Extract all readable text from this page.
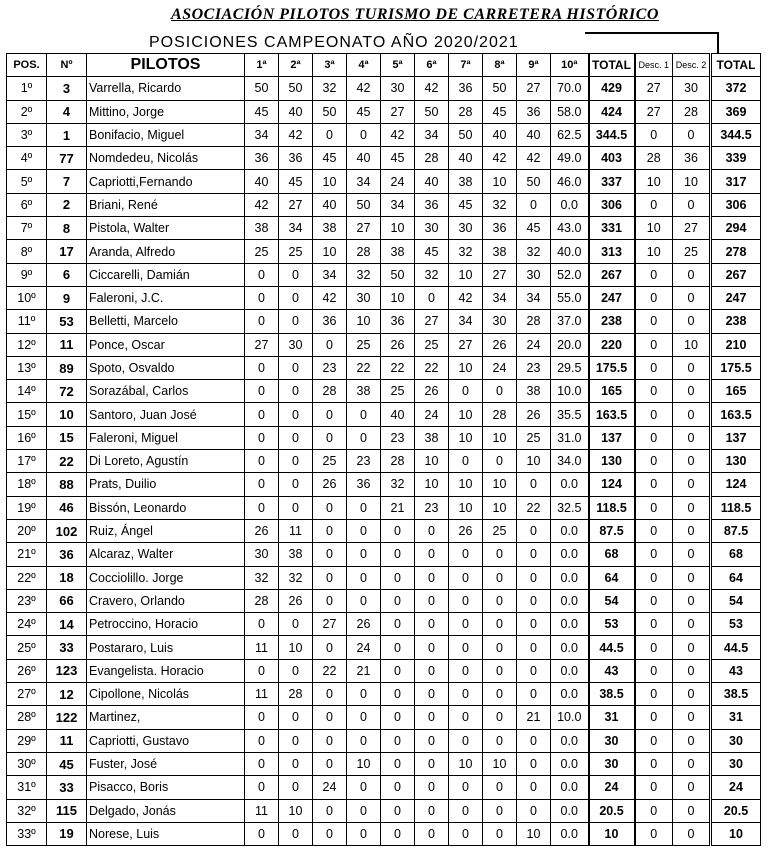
ASOCIACIÓN PILOTOS TURISMO DE CARRETERA HISTÓRICO
POSICIONES CAMPEONATO AÑO 2020/2021
POS.	Nº	PILOTOS	1ª	2ª	3ª	4ª	5ª	6ª	7ª	8ª	9ª	10ª	TOTAL	Desc. 1	Desc. 2	TOTAL
1º	3	Varrella, Ricardo	50	50	32	42	30	42	36	50	27	70.0	429	27	30	372
2º	4	Mittino, Jorge	45	40	50	45	27	50	28	45	36	58.0	424	27	28	369
3º	1	Bonifacio, Miguel	34	42	0	0	42	34	50	40	40	62.5	344.5	0	0	344.5
4º	77	Nomdedeu, Nicolás	36	36	45	40	45	28	40	42	42	49.0	403	28	36	339
5º	7	Capriotti,Fernando	40	45	10	34	24	40	38	10	50	46.0	337	10	10	317
6º	2	Briani, René	42	27	40	50	34	36	45	32	0	0.0	306	0	0	306
7º	8	Pistola, Walter	38	34	38	27	10	30	30	36	45	43.0	331	10	27	294
8º	17	Aranda, Alfredo	25	25	10	28	38	45	32	38	32	40.0	313	10	25	278
9º	6	Ciccarelli, Damián	0	0	34	32	50	32	10	27	30	52.0	267	0	0	267
10º	9	Faleroni, J.C.	0	0	42	30	10	0	42	34	34	55.0	247	0	0	247
11º	53	Belletti, Marcelo	0	0	36	10	36	27	34	30	28	37.0	238	0	0	238
12º	11	Ponce, Oscar	27	30	0	25	26	25	27	26	24	20.0	220	0	10	210
13º	89	Spoto, Osvaldo	0	0	23	22	22	22	10	24	23	29.5	175.5	0	0	175.5
14º	72	Sorazábal, Carlos	0	0	28	38	25	26	0	0	38	10.0	165	0	0	165
15º	10	Santoro, Juan José	0	0	0	0	40	24	10	28	26	35.5	163.5	0	0	163.5
16º	15	Faleroni, Miguel	0	0	0	0	23	38	10	10	25	31.0	137	0	0	137
17º	22	Di Loreto, Agustín	0	0	25	23	28	10	0	0	10	34.0	130	0	0	130
18º	88	Prats, Duilio	0	0	26	36	32	10	10	10	0	0.0	124	0	0	124
19º	46	Bissón, Leonardo	0	0	0	0	21	23	10	10	22	32.5	118.5	0	0	118.5
20º	102	Ruiz, Ángel	26	11	0	0	0	0	26	25	0	0.0	87.5	0	0	87.5
21º	36	Alcaraz, Walter	30	38	0	0	0	0	0	0	0	0.0	68	0	0	68
22º	18	Cocciolillo. Jorge	32	32	0	0	0	0	0	0	0	0.0	64	0	0	64
23º	66	Cravero, Orlando	28	26	0	0	0	0	0	0	0	0.0	54	0	0	54
24º	14	Petroccino, Horacio	0	0	27	26	0	0	0	0	0	0.0	53	0	0	53
25º	33	Postararo, Luis	11	10	0	24	0	0	0	0	0	0.0	44.5	0	0	44.5
26º	123	Evangelista. Horacio	0	0	22	21	0	0	0	0	0	0.0	43	0	0	43
27º	12	Cipollone, Nicolás	11	28	0	0	0	0	0	0	0	0.0	38.5	0	0	38.5
28º	122	Martinez,	0	0	0	0	0	0	0	0	21	10.0	31	0	0	31
29º	11	Capriotti, Gustavo	0	0	0	0	0	0	0	0	0	0.0	30	0	0	30
30º	45	Fuster, José	0	0	0	10	0	0	10	10	0	0.0	30	0	0	30
31º	33	Pisacco, Boris	0	0	24	0	0	0	0	0	0	0.0	24	0	0	24
32º	115	Delgado, Jonás	11	10	0	0	0	0	0	0	0	0.0	20.5	0	0	20.5
33º	19	Norese, Luis	0	0	0	0	0	0	0	0	10	0.0	10	0	0	10
